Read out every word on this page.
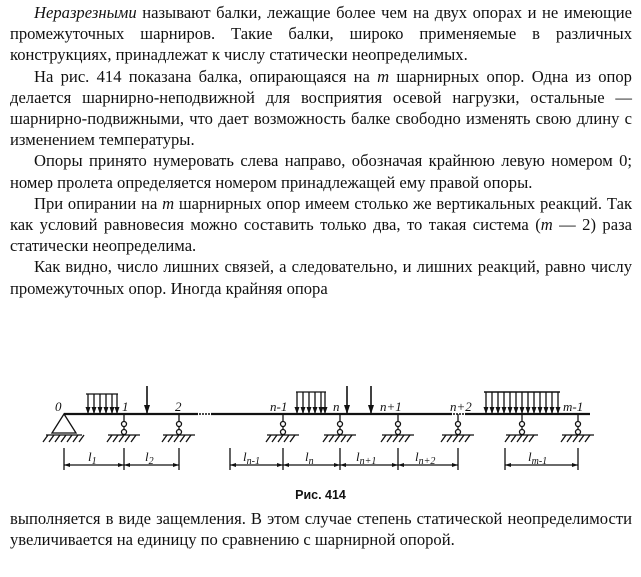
Неразрезными называют балки, лежащие более чем на двух опорах и не имеющие промежуточных шарниров. Такие балки, широко применяемые в различных конструкциях, принадлежат к числу статически неопределимых.

На рис. 414 показана балка, опирающаяся на m шарнирных опор. Одна из опор делается шарнирно-неподвижной для восприятия осевой нагрузки, остальные — шарнирно-подвижными, что дает возможность балке свободно изменять свою длину с изменением температуры.

Опоры принято нумеровать слева направо, обозначая крайнюю левую номером 0; номер пролета определяется номером принадлежащей ему правой опоры.

При опирании на m шарнирных опор имеем столько же вертикальных реакций. Так как условий равновесия можно составить только два, то такая система (m — 2) раза статически неопределима.

Как видно, число лишних связей, а следовательно, и лишних реакций, равно числу промежуточных опор. Иногда крайняя опора

0	1	2	n-1	n	n+1	n+2	m-1
$l_1$	$l_2$	$l_{n-1}$	$l_n$	$l_{n+1}$	$l_{n+2}$	$l_{m-1}$
Рис. 414

выполняется в виде защемления. В этом случае степень статической неопределимости увеличивается на единицу по сравнению с шарнирной опорой.
